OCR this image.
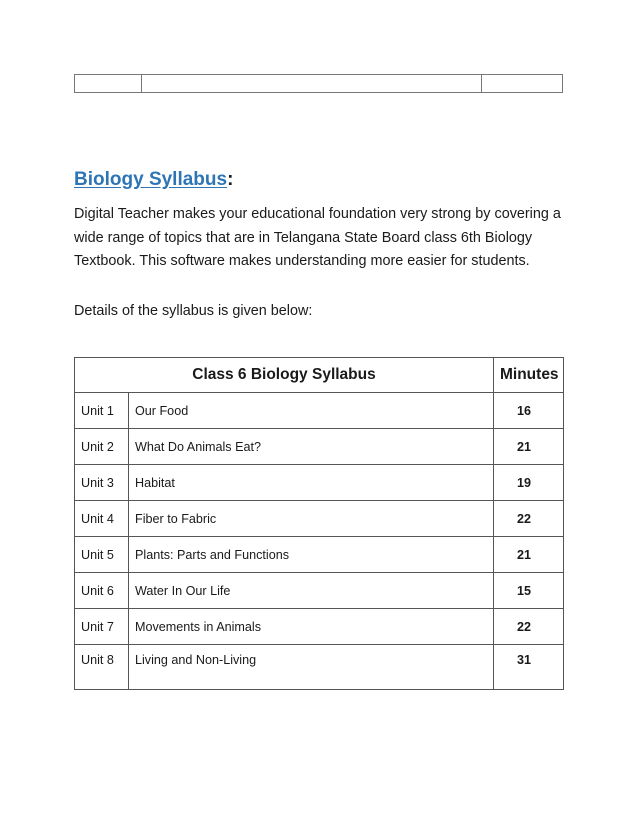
Biology Syllabus:

Digital Teacher makes your educational foundation very strong by covering a wide range of topics that are in Telangana State Board class 6th Biology Textbook. This software makes understanding more easier for students.

Details of the syllabus is given below:

Class 6 Biology Syllabus		Minutes
Unit 1	Our Food	16
Unit 2	What Do Animals Eat?	21
Unit 3	Habitat	19
Unit 4	Fiber to Fabric	22
Unit 5	Plants: Parts and Functions	21
Unit 6	Water In Our Life	15
Unit 7	Movements in Animals	22
Unit 8	Living and Non-Living	31
